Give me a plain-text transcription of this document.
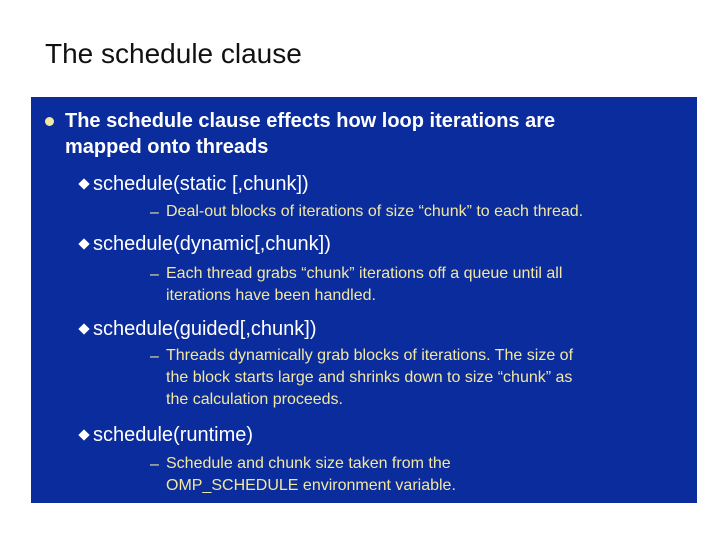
The schedule clause
The schedule clause effects how loop iterations are
mapped onto threads
schedule(static [,chunk])
– Deal-out blocks of iterations of size “chunk” to each thread.
schedule(dynamic[,chunk])
– Each thread grabs “chunk” iterations off a queue until all
iterations have been handled.
schedule(guided[,chunk])
– Threads dynamically grab blocks of iterations. The size of
the block starts large and shrinks down to size “chunk” as
the calculation proceeds.
schedule(runtime)
– Schedule and chunk size taken from the
OMP_SCHEDULE environment variable.
